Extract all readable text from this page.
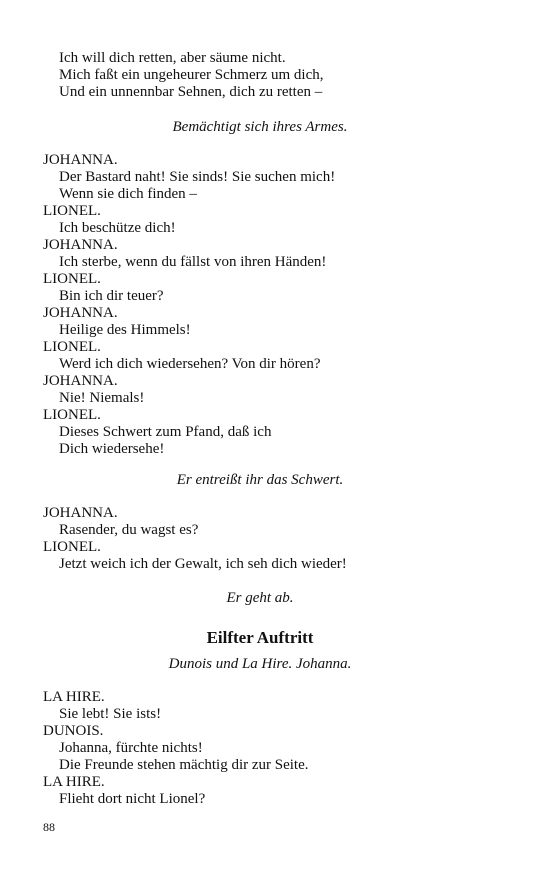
Ich will dich retten, aber säume nicht.
Mich faßt ein ungeheurer Schmerz um dich,
Und ein unnennbar Sehnen, dich zu retten –
Bemächtigt sich ihres Armes.
JOHANNA.
Der Bastard naht! Sie sinds! Sie suchen mich!
Wenn sie dich finden –
LIONEL.
Ich beschütze dich!
JOHANNA.
Ich sterbe, wenn du fällst von ihren Händen!
LIONEL.
Bin ich dir teuer?
JOHANNA.
Heilige des Himmels!
LIONEL.
Werd ich dich wiedersehen? Von dir hören?
JOHANNA.
Nie! Niemals!
LIONEL.
Dieses Schwert zum Pfand, daß ich
Dich wiedersehe!
Er entreißt ihr das Schwert.
JOHANNA.
Rasender, du wagst es?
LIONEL.
Jetzt weich ich der Gewalt, ich seh dich wieder!
Er geht ab.
Eilfter Auftritt
Dunois und La Hire. Johanna.
LA HIRE.
Sie lebt! Sie ists!
DUNOIS.
Johanna, fürchte nichts!
Die Freunde stehen mächtig dir zur Seite.
LA HIRE.
Flieht dort nicht Lionel?
88
